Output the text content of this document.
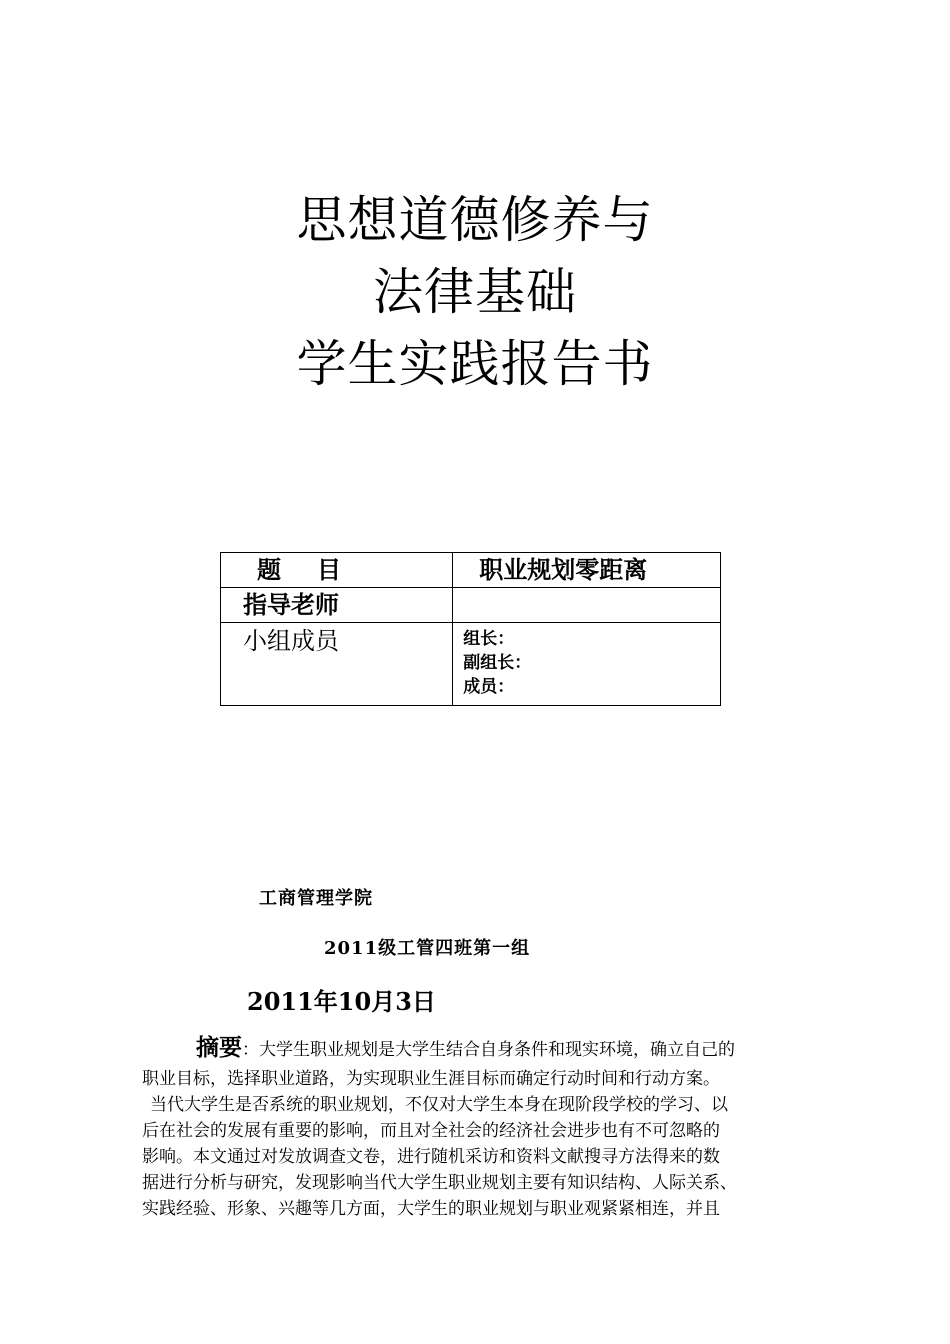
思想道德修养与
法律基础
学生实践报告书
题 目	职业规划零距离
指导老师	
小组成员	组长：
副组长：
成员：
工商管理学院
2011级工管四班第一组
2011年10月3日
摘要：大学生职业规划是大学生结合自身条件和现实环境，确立自己的
职业目标，选择职业道路，为实现职业生涯目标而确定行动时间和行动方案。
当代大学生是否系统的职业规划，不仅对大学生本身在现阶段学校的学习、以
后在社会的发展有重要的影响，而且对全社会的经济社会进步也有不可忽略的
影响。本文通过对发放调查文卷，进行随机采访和资料文献搜寻方法得来的数
据进行分析与研究，发现影响当代大学生职业规划主要有知识结构、人际关系、
实践经验、形象、兴趣等几方面，大学生的职业规划与职业观紧紧相连，并且
